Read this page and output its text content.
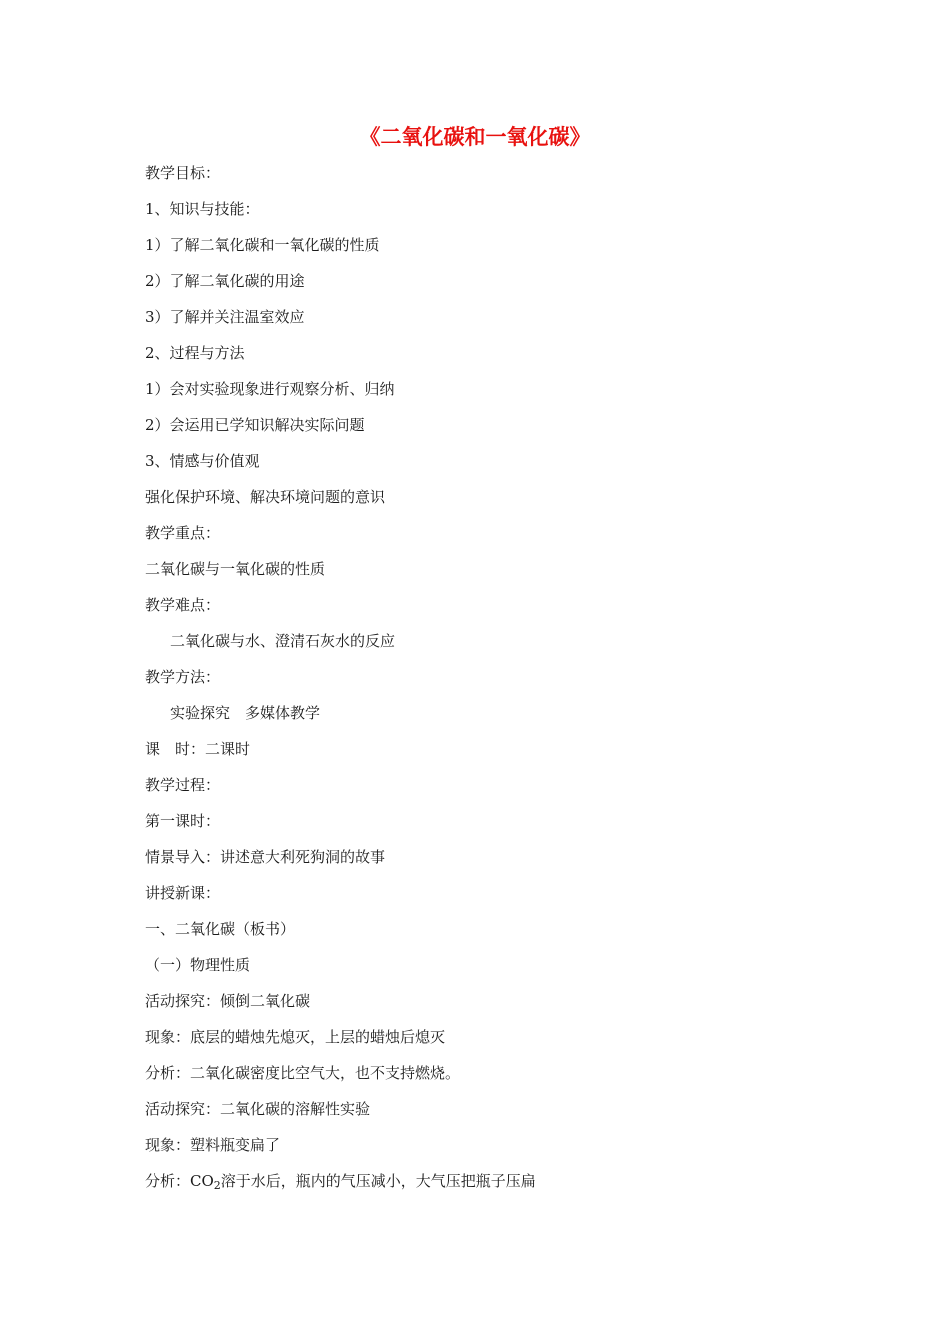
《二氧化碳和一氧化碳》
教学目标：
1、知识与技能：
1）了解二氧化碳和一氧化碳的性质
2）了解二氧化碳的用途
3）了解并关注温室效应
2、过程与方法
1）会对实验现象进行观察分析、归纳
2）会运用已学知识解决实际问题
3、情感与价值观
强化保护环境、解决环境问题的意识
教学重点：
二氧化碳与一氧化碳的性质
教学难点：
二氧化碳与水、澄清石灰水的反应
教学方法：
实验探究　多媒体教学
课　时：二课时
教学过程：
第一课时：
情景导入：讲述意大利死狗洞的故事
讲授新课：
一、二氧化碳（板书）
（一）物理性质
活动探究：倾倒二氧化碳
现象：底层的蜡烛先熄灭，上层的蜡烛后熄灭
分析：二氧化碳密度比空气大，也不支持燃烧。
活动探究：二氧化碳的溶解性实验
现象：塑料瓶变扁了
分析：$CO_2$溶于水后，瓶内的气压减小，大气压把瓶子压扁
